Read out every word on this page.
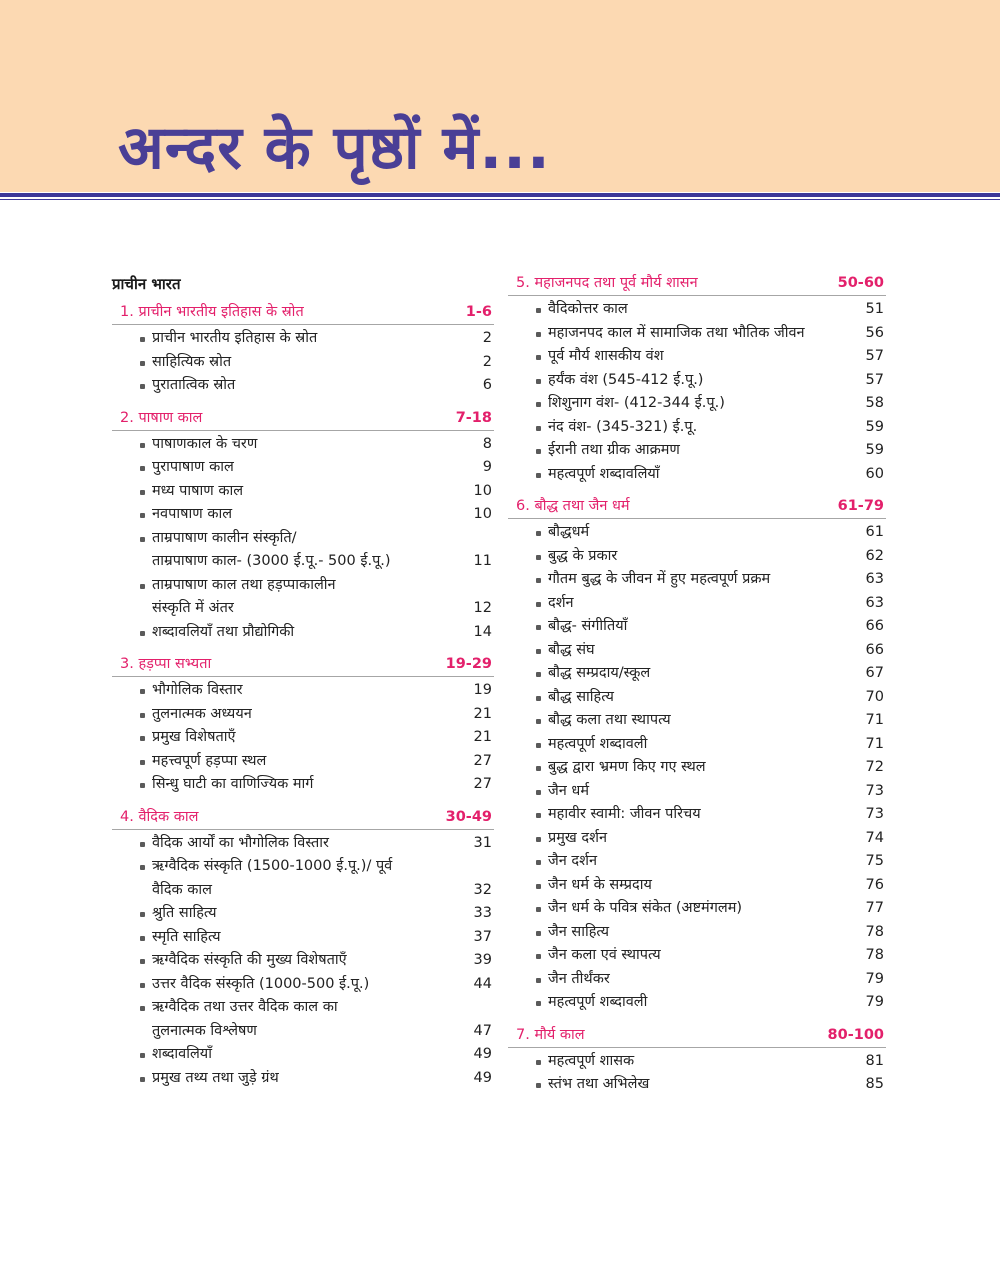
अन्दर के पृष्ठों में...
प्राचीन भारत
1. प्राचीन भारतीय इतिहास के स्रोत	1-6
प्राचीन भारतीय इतिहास के स्रोत	2
साहित्यिक स्रोत	2
पुरातात्विक स्रोत	6
2. पाषाण काल	7-18
पाषाणकाल के चरण	8
पुरापाषाण काल	9
मध्य पाषाण काल	10
नवपाषाण काल	10
ताम्रपाषाण कालीन संस्कृति/
ताम्रपाषाण काल- (3000 ई.पू.- 500 ई.पू.)	11
ताम्रपाषाण काल तथा हड़प्पाकालीन
संस्कृति में अंतर	12
शब्दावलियाँ तथा प्रौद्योगिकी	14
3. हड़प्पा सभ्यता	19-29
भौगोलिक विस्तार	19
तुलनात्मक अध्ययन	21
प्रमुख विशेषताएँ	21
महत्त्वपूर्ण हड़प्पा स्थल	27
सिन्धु घाटी का वाणिज्यिक मार्ग	27
4. वैदिक काल	30-49
वैदिक आर्यों का भौगोलिक विस्तार	31
ऋग्वैदिक संस्कृति (1500-1000 ई.पू.)/ पूर्व
वैदिक काल	32
श्रुति साहित्य	33
स्मृति साहित्य	37
ऋग्वैदिक संस्कृति की मुख्य विशेषताएँ	39
उत्तर वैदिक संस्कृति (1000-500 ई.पू.)	44
ऋग्वैदिक तथा उत्तर वैदिक काल का
तुलनात्मक विश्लेषण	47
शब्दावलियाँ	49
प्रमुख तथ्य तथा जुड़े ग्रंथ	49
5. महाजनपद तथा पूर्व मौर्य शासन	50-60
वैदिकोत्तर काल	51
महाजनपद काल में सामाजिक तथा भौतिक जीवन	56
पूर्व मौर्य शासकीय वंश	57
हर्यंक वंश (545-412 ई.पू.)	57
शिशुनाग वंश- (412-344 ई.पू.)	58
नंद वंश- (345-321) ई.पू.	59
ईरानी तथा ग्रीक आक्रमण	59
महत्वपूर्ण शब्दावलियाँ	60
6. बौद्ध तथा जैन धर्म	61-79
बौद्धधर्म	61
बुद्ध के प्रकार	62
गौतम बुद्ध के जीवन में हुए महत्वपूर्ण प्रक्रम	63
दर्शन	63
बौद्ध- संगीतियाँ	66
बौद्ध संघ	66
बौद्ध सम्प्रदाय/स्कूल	67
बौद्ध साहित्य	70
बौद्ध कला तथा स्थापत्य	71
महत्वपूर्ण शब्दावली	71
बुद्ध द्वारा भ्रमण किए गए स्थल	72
जैन धर्म	73
महावीर स्वामी: जीवन परिचय	73
प्रमुख दर्शन	74
जैन दर्शन	75
जैन धर्म के सम्प्रदाय	76
जैन धर्म के पवित्र संकेत (अष्टमंगलम)	77
जैन साहित्य	78
जैन कला एवं स्थापत्य	78
जैन तीर्थंकर	79
महत्वपूर्ण शब्दावली	79
7. मौर्य काल	80-100
महत्वपूर्ण शासक	81
स्तंभ तथा अभिलेख	85
